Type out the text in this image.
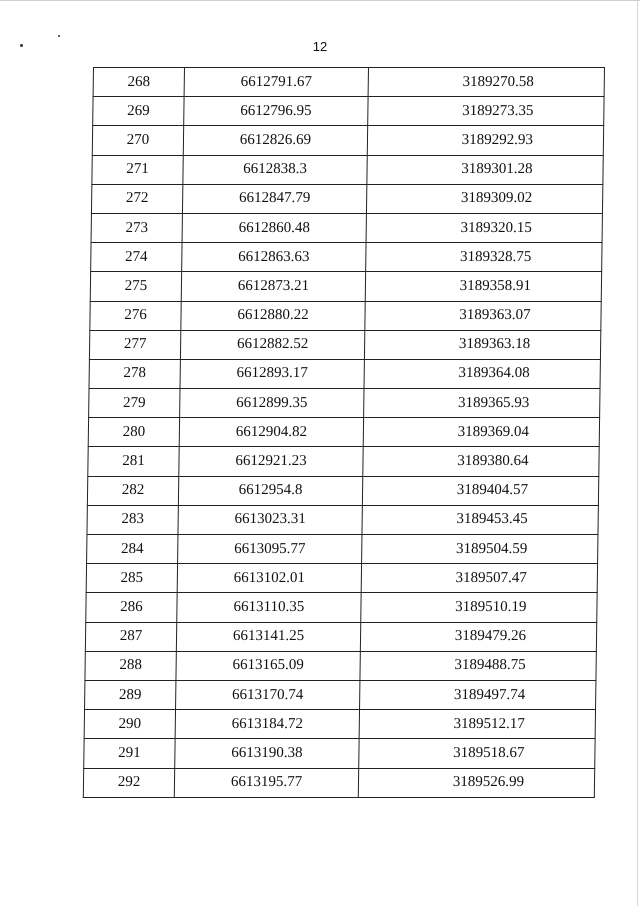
12
268	6612791.67	3189270.58
269	6612796.95	3189273.35
270	6612826.69	3189292.93
271	6612838.3	3189301.28
272	6612847.79	3189309.02
273	6612860.48	3189320.15
274	6612863.63	3189328.75
275	6612873.21	3189358.91
276	6612880.22	3189363.07
277	6612882.52	3189363.18
278	6612893.17	3189364.08
279	6612899.35	3189365.93
280	6612904.82	3189369.04
281	6612921.23	3189380.64
282	6612954.8	3189404.57
283	6613023.31	3189453.45
284	6613095.77	3189504.59
285	6613102.01	3189507.47
286	6613110.35	3189510.19
287	6613141.25	3189479.26
288	6613165.09	3189488.75
289	6613170.74	3189497.74
290	6613184.72	3189512.17
291	6613190.38	3189518.67
292	6613195.77	3189526.99
